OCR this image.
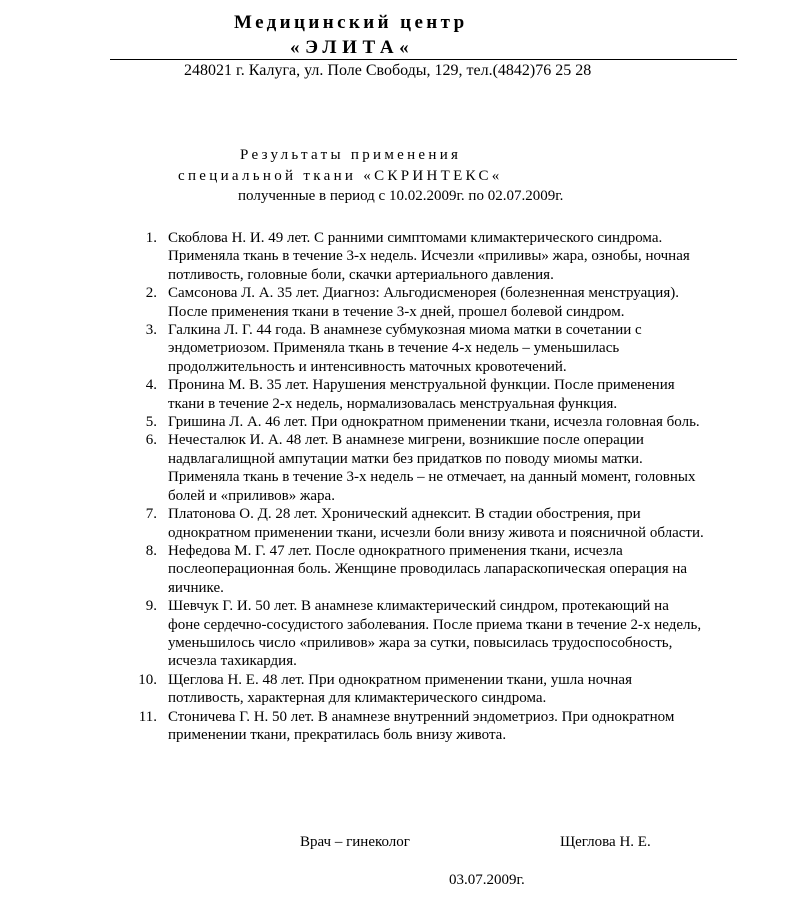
Медицинский центр
«ЭЛИТА«
248021 г. Калуга, ул. Поле Свободы, 129, тел.(4842)76 25 28
Результаты применения
специальной ткани «СКРИНТЕКС«
полученные в период с 10.02.2009г. по 02.07.2009г.
1. Скоблова Н. И. 49 лет. С ранними симптомами климактерического синдрома.
Применяла ткань в течение 3-х недель. Исчезли «приливы» жара, ознобы, ночная
потливость, головные боли, скачки артериального давления.
2. Самсонова Л. А. 35 лет. Диагноз: Альгодисменорея (болезненная менструация).
После применения ткани в течение 3-х дней, прошел болевой синдром.
3. Галкина Л. Г. 44 года. В анамнезе субмукозная миома матки в сочетании с
эндометриозом. Применяла ткань в течение 4-х недель – уменьшилась
продолжительность и интенсивность маточных кровотечений.
4. Пронина М. В. 35 лет. Нарушения менструальной функции. После применения
ткани в течение 2-х недель, нормализовалась менструальная функция.
5. Гришина Л. А. 46 лет. При однократном применении ткани, исчезла головная боль.
6. Нечесталюк И. А. 48 лет. В анамнезе мигрени, возникшие после операции
надвлагалищной ампутации матки без придатков по поводу миомы матки.
Применяла ткань в течение 3-х недель – не отмечает, на данный момент, головных
болей и «приливов» жара.
7. Платонова О. Д. 28 лет. Хронический аднексит. В стадии обострения, при
однократном применении ткани, исчезли боли внизу живота и поясничной области.
8. Нефедова М. Г. 47 лет. После однократного применения ткани, исчезла
послеоперационная боль. Женщине проводилась лапараскопическая операция на
яичнике.
9. Шевчук Г. И. 50 лет. В анамнезе климактерический синдром, протекающий на
фоне сердечно-сосудистого заболевания. После приема ткани в течение 2-х недель,
уменьшилось число «приливов» жара за сутки, повысилась трудоспособность,
исчезла тахикардия.
10. Щеглова Н. Е. 48 лет. При однократном применении ткани, ушла ночная
потливость, характерная для климактерического синдрома.
11. Стоничева Г. Н. 50 лет. В анамнезе внутренний эндометриоз. При однократном
применении ткани, прекратилась боль внизу живота.
Врач – гинеколог	Щеглова Н. Е.
03.07.2009г.
